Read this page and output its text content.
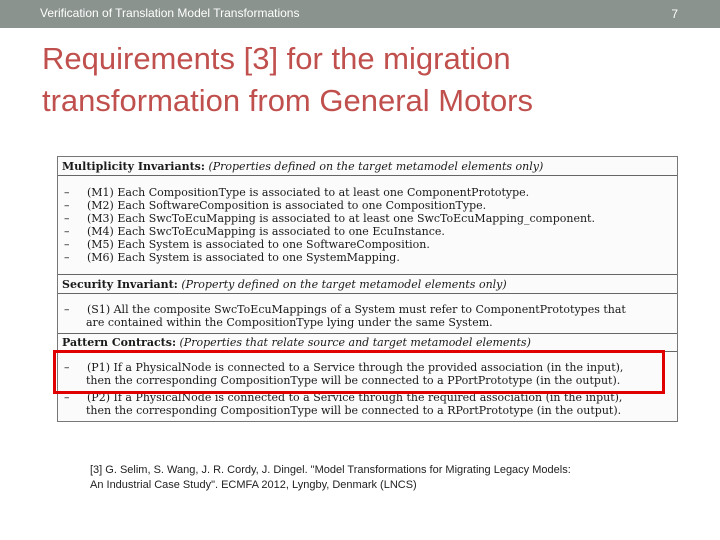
Verification of Translation Model Transformations	7
Requirements [3] for the migration
transformation from General Motors
Multiplicity Invariants: (Properties defined on the target metamodel elements only)
– (M1) Each CompositionType is associated to at least one ComponentPrototype.
– (M2) Each SoftwareComposition is associated to one CompositionType.
– (M3) Each SwcToEcuMapping is associated to at least one SwcToEcuMapping_component.
– (M4) Each SwcToEcuMapping is associated to one EcuInstance.
– (M5) Each System is associated to one SoftwareComposition.
– (M6) Each System is associated to one SystemMapping.
Security Invariant: (Property defined on the target metamodel elements only)
– (S1) All the composite SwcToEcuMappings of a System must refer to ComponentPrototypes that
are contained within the CompositionType lying under the same System.
Pattern Contracts: (Properties that relate source and target metamodel elements)
– (P1) If a PhysicalNode is connected to a Service through the provided association (in the input),
then the corresponding CompositionType will be connected to a PPortPrototype (in the output).
– (P2) If a PhysicalNode is connected to a Service through the required association (in the input),
then the corresponding CompositionType will be connected to a RPortPrototype (in the output).
[3] G. Selim, S. Wang, J. R. Cordy, J. Dingel. "Model Transformations for Migrating Legacy Models:
An Industrial Case Study". ECMFA 2012, Lyngby, Denmark (LNCS)
